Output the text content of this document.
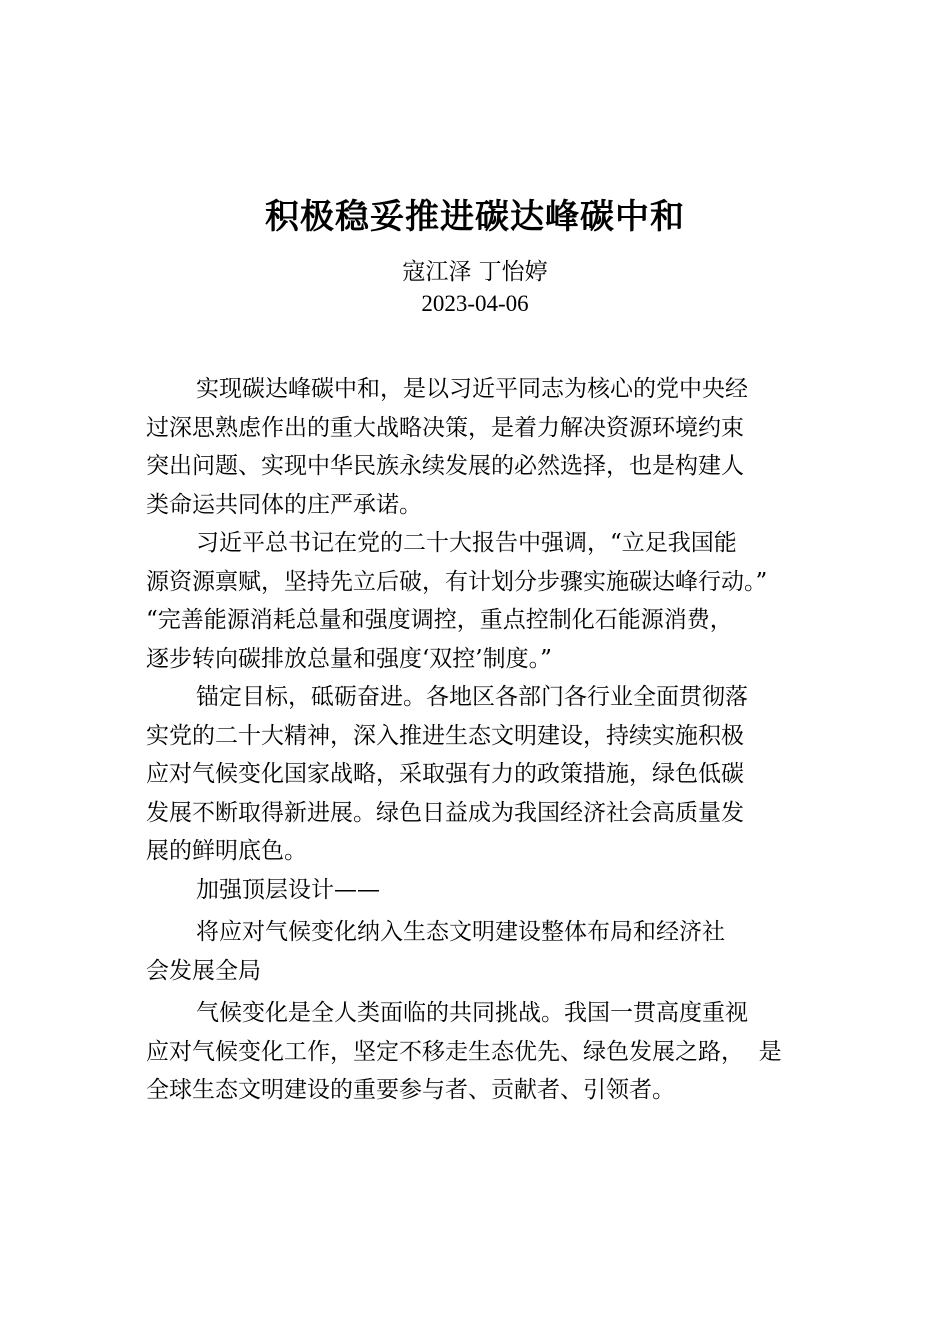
积极稳妥推进碳达峰碳中和
寇江泽 丁怡婷
2023-04-06
实现碳达峰碳中和，是以习近平同志为核心的党中央经
过深思熟虑作出的重大战略决策，是着力解决资源环境约束
突出问题、实现中华民族永续发展的必然选择，也是构建人
类命运共同体的庄严承诺。
习近平总书记在党的二十大报告中强调，“立足我国能
源资源禀赋，坚持先立后破，有计划分步骤实施碳达峰行动。”
“完善能源消耗总量和强度调控，重点控制化石能源消费，
逐步转向碳排放总量和强度‘双控’制度。”
锚定目标，砥砺奋进。各地区各部门各行业全面贯彻落
实党的二十大精神，深入推进生态文明建设，持续实施积极
应对气候变化国家战略，采取强有力的政策措施，绿色低碳
发展不断取得新进展。绿色日益成为我国经济社会高质量发
展的鲜明底色。
加强顶层设计——
将应对气候变化纳入生态文明建设整体布局和经济社
会发展全局
气候变化是全人类面临的共同挑战。我国一贯高度重视
应对气候变化工作，坚定不移走生态优先、绿色发展之路，  是
全球生态文明建设的重要参与者、贡献者、引领者。
